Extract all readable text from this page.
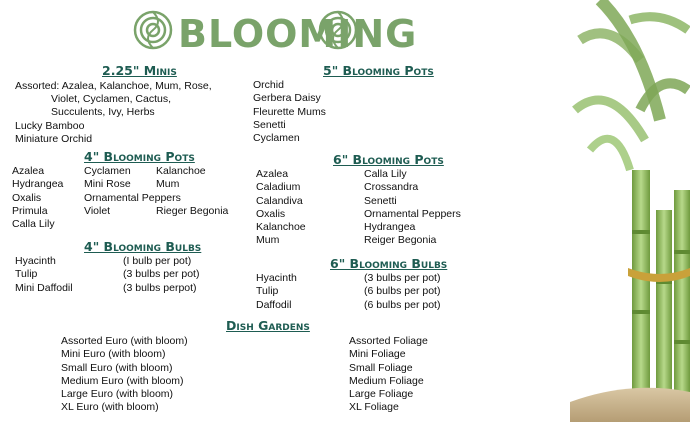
BLOOMING
2.25" Minis
Assorted: Azalea, Kalanchoe, Mum, Rose,
Violet, Cyclamen, Cactus,
Succulents, Ivy, Herbs
Lucky Bamboo
Miniature Orchid
4" Blooming Pots
Azalea
Hydrangea
Oxalis
Primula
Calla Lily
Cyclamen
Mini Rose
Ornamental Peppers
Violet
Kalanchoe
Mum
Rieger Begonia
4" Blooming Bulbs
Hyacinth
Tulip
Mini Daffodil
(I bulb per pot)
(3 bulbs per pot)
(3 bulbs perpot)
5" Blooming Pots
Orchid
Gerbera Daisy
Fleurette Mums
Senetti
Cyclamen
6" Blooming Pots
Azalea
Caladium
Calandiva
Oxalis
Kalanchoe
Mum
Calla Lily
Crossandra
Senetti
Ornamental Peppers
Hydrangea
Reiger Begonia
6" Blooming Bulbs
Hyacinth
Tulip
Daffodil
(3 bulbs per pot)
(6 bulbs per pot)
(6 bulbs per pot)
Dish Gardens
Assorted Euro (with bloom)
Mini Euro (with bloom)
Small Euro (with bloom)
Medium Euro (with bloom)
Large Euro (with bloom)
XL Euro (with bloom)
Assorted Foliage
Mini Foliage
Small Foliage
Medium Foliage
Large Foliage
XL Foliage
